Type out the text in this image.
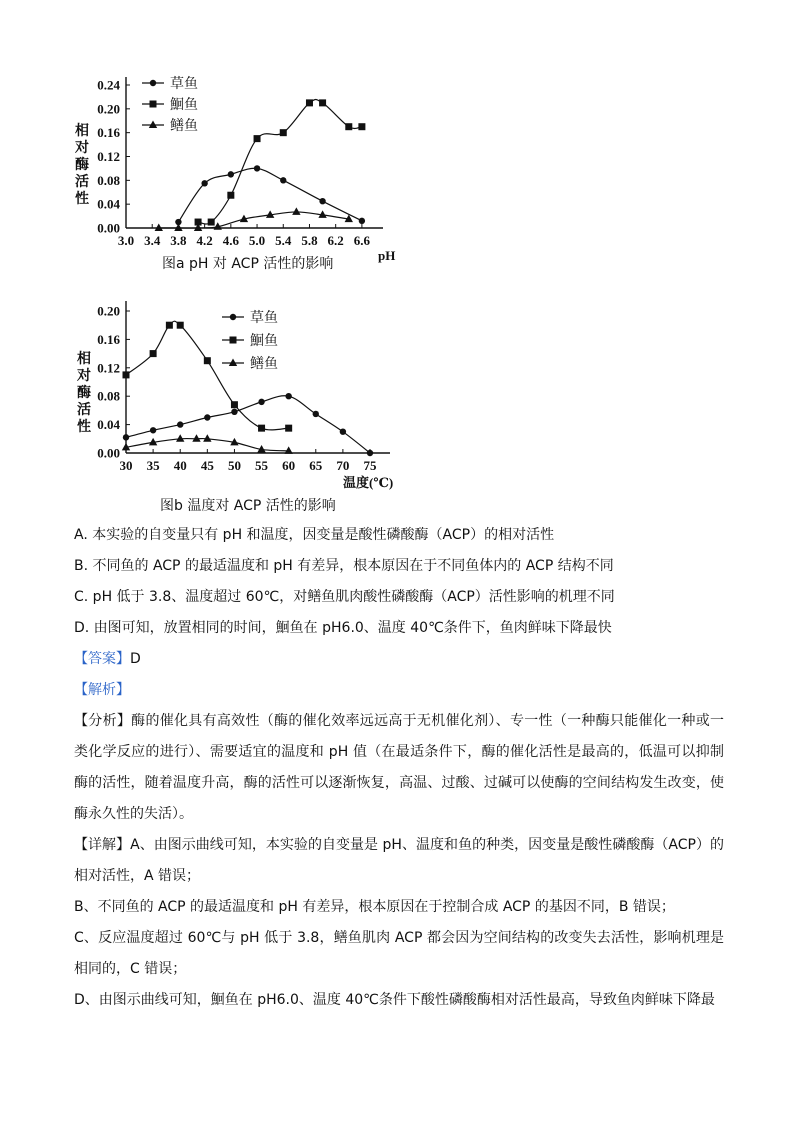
相
对
酶
活
性
0.00
0.04
0.08
0.12
0.16
0.20
0.24
3.0 3.4 3.8 4.2 4.6 5.0 5.4 5.8 6.2 6.6
草鱼
鮰鱼
鳝鱼
pH
图a pH 对 ACP 活性的影响
相
对
酶
活
性
0.00
0.04
0.08
0.12
0.16
0.20
30 35 40 45 50 55 60 65 70 75
草鱼
鮰鱼
鳝鱼
温度(℃)
图b 温度对 ACP 活性的影响

A. 本实验的自变量只有 pH 和温度，因变量是酸性磷酸酶（ACP）的相对活性

B. 不同鱼的 ACP 的最适温度和 pH 有差异，根本原因在于不同鱼体内的 ACP 结构不同

C. pH 低于 3.8、温度超过 60℃，对鳝鱼肌肉酸性磷酸酶（ACP）活性影响的机理不同

D. 由图可知，放置相同的时间，鮰鱼在 pH6.0、温度 40℃条件下，鱼肉鲜味下降最快

【答案】D

【解析】

【分析】酶的催化具有高效性（酶的催化效率远远高于无机催化剂）、专一性（一种酶只能催化一种或一类化学反应的进行）、需要适宜的温度和 pH 值（在最适条件下，酶的催化活性是最高的，低温可以抑制酶的活性，随着温度升高，酶的活性可以逐渐恢复，高温、过酸、过碱可以使酶的空间结构发生改变，使酶永久性的失活）。

【详解】A、由图示曲线可知，本实验的自变量是 pH、温度和鱼的种类，因变量是酸性磷酸酶（ACP）的相对活性，A 错误；

B、不同鱼的 ACP 的最适温度和 pH 有差异，根本原因在于控制合成 ACP 的基因不同，B 错误；

C、反应温度超过 60℃与 pH 低于 3.8，鳝鱼肌肉 ACP 都会因为空间结构的改变失去活性，影响机理是相同的，C 错误；

D、由图示曲线可知，鮰鱼在 pH6.0、温度 40℃条件下酸性磷酸酶相对活性最高，导致鱼肉鲜味下降最
